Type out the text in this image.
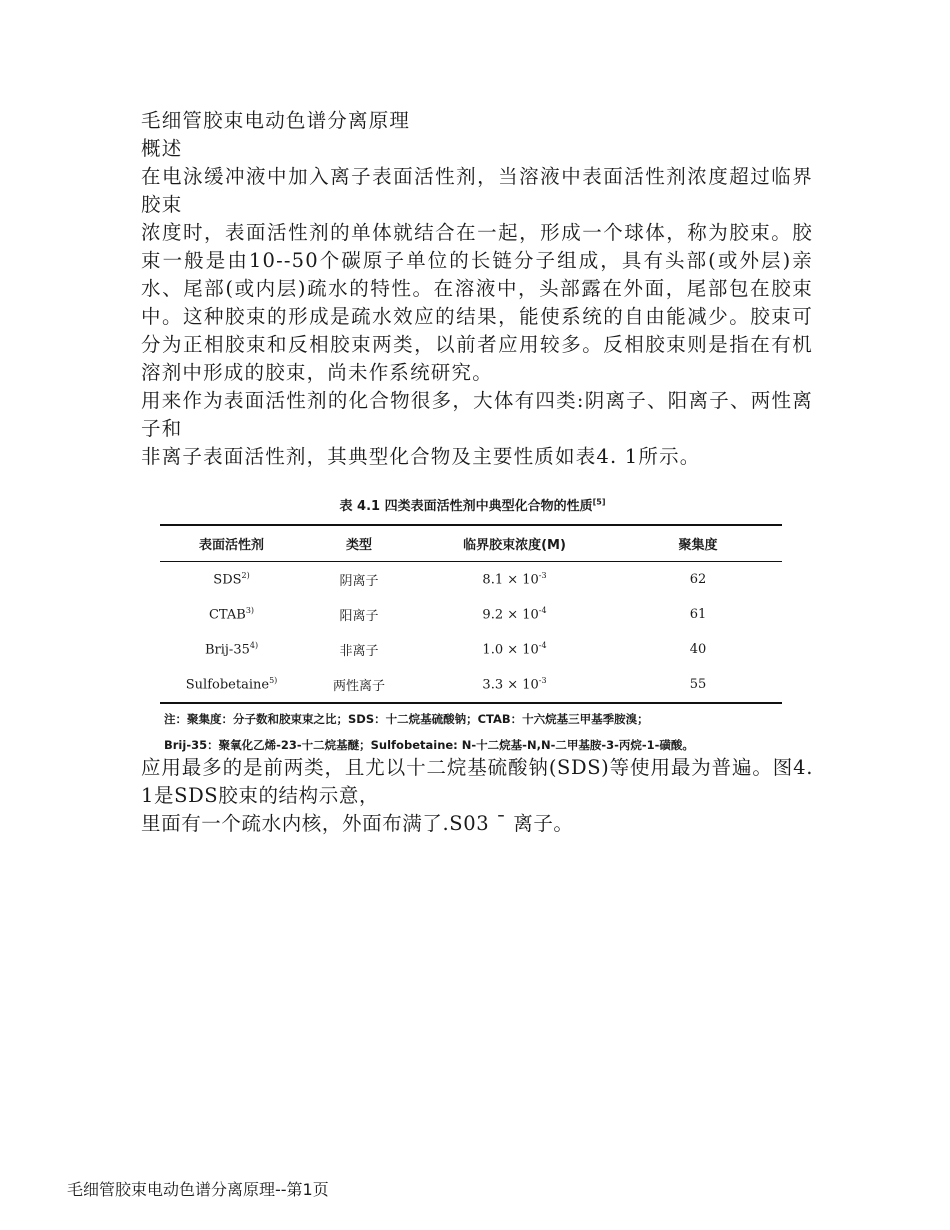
毛细管胶束电动色谱分离原理

概述

在电泳缓冲液中加入离子表面活性剂，当溶液中表面活性剂浓度超过临界胶束

浓度时，表面活性剂的单体就结合在一起，形成一个球体，称为胶束。胶束一般是由10--50个碳原子单位的长链分子组成，具有头部(或外层)亲水、尾部(或内层)疏水的特性。在溶液中，头部露在外面，尾部包在胶束中。这种胶束的形成是疏水效应的结果，能使系统的自由能减少。胶束可分为正相胶束和反相胶束两类，以前者应用较多。反相胶束则是指在有机溶剂中形成的胶束，尚未作系统研究。

用来作为表面活性剂的化合物很多，大体有四类:阴离子、阳离子、两性离子和

非离子表面活性剂，其典型化合物及主要性质如表4. 1所示。

表 4.1 四类表面活性剂中典型化合物的性质[5]

表面活性剂	类型	临界胶束浓度(M)	聚集度
SDS$^{2)}$	阴离子	$8.1 \times 10^{-3}$	62
CTAB$^{3)}$	阳离子	$9.2 \times 10^{-4}$	61
Brij-35$^{4)}$	非离子	$1.0 \times 10^{-4}$	40
Sulfobetaine$^{5)}$	两性离子	$3.3 \times 10^{-3}$	55
注：聚集度：分子数和胶束束之比；SDS：十二烷基硫酸钠；CTAB：十六烷基三甲基季胺溴；
Brij-35：聚氧化乙烯-23-十二烷基醚；Sulfobetaine: N-十二烷基-N,N-二甲基胺-3-丙烷-1-磺酸。

应用最多的是前两类，且尤以十二烷基硫酸钠(SDS)等使用最为普遍。图4. 1是SDS胶束的结构示意，

里面有一个疏水内核，外面布满了.S03 ¯ 离子。

毛细管胶束电动色谱分离原理--第1页
